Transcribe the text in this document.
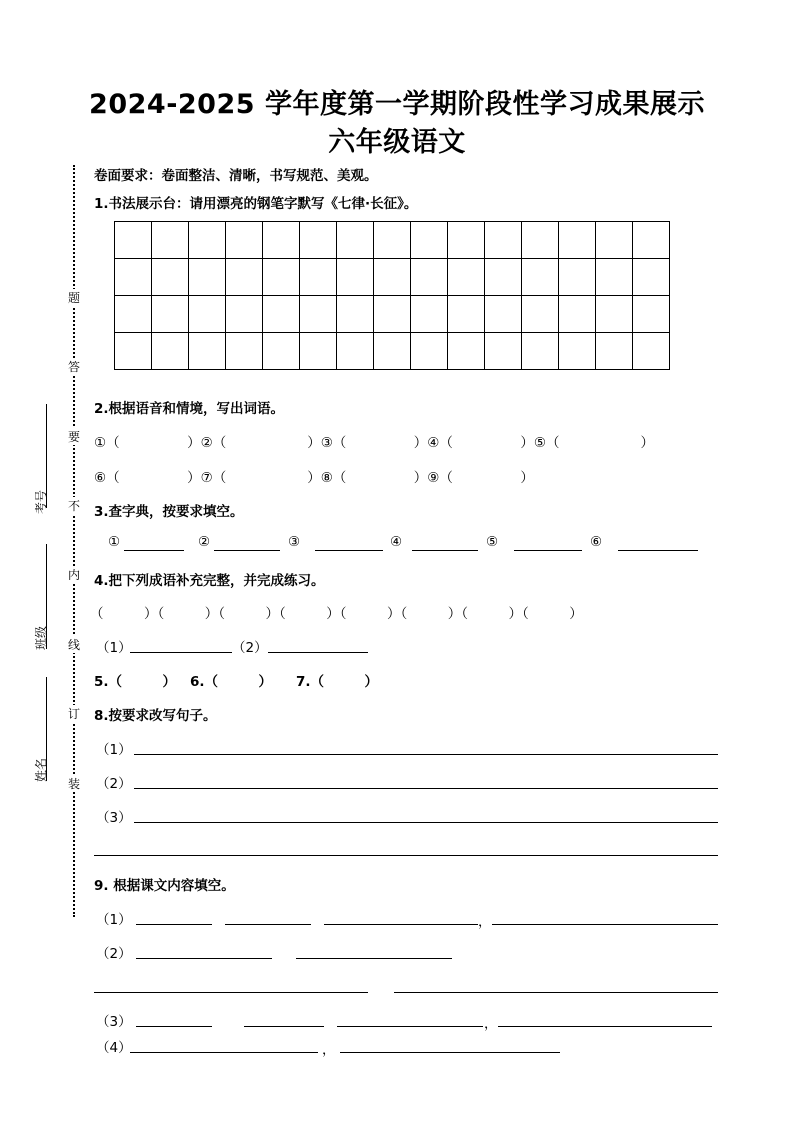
2024-2025 学年度第一学期阶段性学习成果展示
六年级语文
题
答
要
不
内
线
订
装
考号
班级
姓名
卷面要求：卷面整洁、清晰，书写规范、美观。
1.书法展示台：请用漂亮的钢笔字默写《七律·长征》。

2.根据语音和情境，写出词语。
①（　　　　　）②（　　　　　　）③（　　　　　）④（　　　　　）⑤（　　　　　　）
⑥（　　　　　）⑦（　　　　　　）⑧（　　　　　）⑨（　　　　　）
3.查字典，按要求填空。
①	②	③	④	⑤	⑥
4.把下列成语补充完整，并完成练习。
（　　　）（　　　）（　　　）（　　　）（　　　）（　　　）（　　　）（　　　）
（1）	（2）
5.（　　　） 6.（　　　） 7.（　　　）
8.按要求改写句子。
（1）
（2）
（3）
9. 根据课文内容填空。
（1）	，
（2）
（3）	，
（4）	，
